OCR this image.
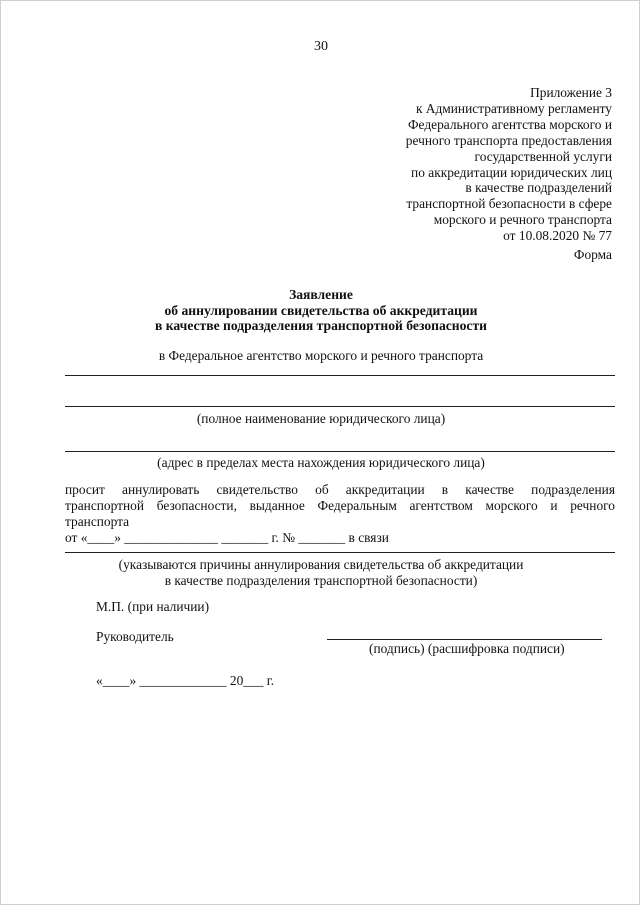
30
Приложение 3
к Административному регламенту
Федерального агентства морского и
речного транспорта предоставления
государственной услуги
по аккредитации юридических лиц
в качестве подразделений
транспортной безопасности в сфере
морского и речного транспорта
от 10.08.2020 № 77
Форма
Заявление
об аннулировании свидетельства об аккредитации
в качестве подразделения транспортной безопасности
в Федеральное агентство морского и речного транспорта
(полное наименование юридического лица)
(адрес в пределах места нахождения юридического лица)
просит аннулировать свидетельство об аккредитации в качестве подразделения
транспортной безопасности, выданное Федеральным агентством морского и речного транспорта
от «____» ______________ _______ г. № _______ в связи
(указываются причины аннулирования свидетельства об аккредитации
в качестве подразделения транспортной безопасности)
М.П. (при наличии)
Руководитель
(подпись) (расшифровка подписи)
«____» _____________ 20___ г.
